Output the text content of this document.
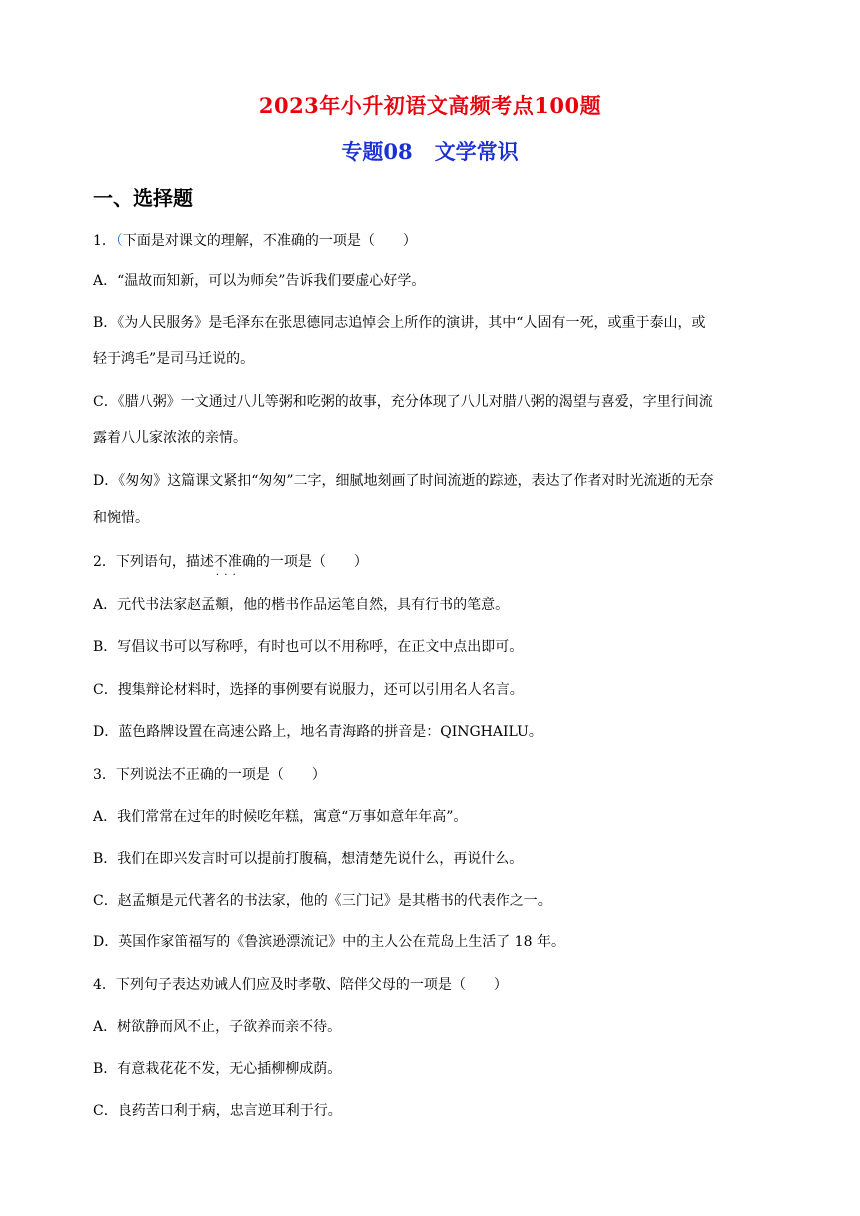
2023年小升初语文高频考点100题
专题08 文学常识
一、选择题
1．（下面是对课文的理解，不准确的一项是（　　）
A．“温故而知新，可以为师矣”告诉我们要虚心好学。
B．《为人民服务》是毛泽东在张思德同志追悼会上所作的演讲，其中“人固有一死，或重于泰山，或
轻于鸿毛”是司马迁说的。
C．《腊八粥》一文通过八儿等粥和吃粥的故事，充分体现了八儿对腊八粥的渴望与喜爱，字里行间流
露着八儿家浓浓的亲情。
D．《匆匆》这篇课文紧扣“匆匆”二字，细腻地刻画了时间流逝的踪迹，表达了作者对时光流逝的无奈
和惋惜。
2．下列语句，描述不准确 · · ·的一项是（　　）
A．元代书法家赵孟頫，他的楷书作品运笔自然，具有行书的笔意。
B．写倡议书可以写称呼，有时也可以不用称呼，在正文中点出即可。
C．搜集辩论材料时，选择的事例要有说服力，还可以引用名人名言。
D．蓝色路牌设置在高速公路上，地名青海路的拼音是：QINGHAILU。
3．下列说法不正确的一项是（　　）
A．我们常常在过年的时候吃年糕，寓意“万事如意年年高”。
B．我们在即兴发言时可以提前打腹稿，想清楚先说什么，再说什么。
C．赵孟頫是元代著名的书法家，他的《三门记》是其楷书的代表作之一。
D．英国作家笛福写的《鲁滨逊漂流记》中的主人公在荒岛上生活了 18 年。
4．下列句子表达劝诫人们应及时孝敬、陪伴父母的一项是（　　）
A．树欲静而风不止，子欲养而亲不待。
B．有意栽花花不发，无心插柳柳成荫。
C．良药苦口利于病，忠言逆耳利于行。
